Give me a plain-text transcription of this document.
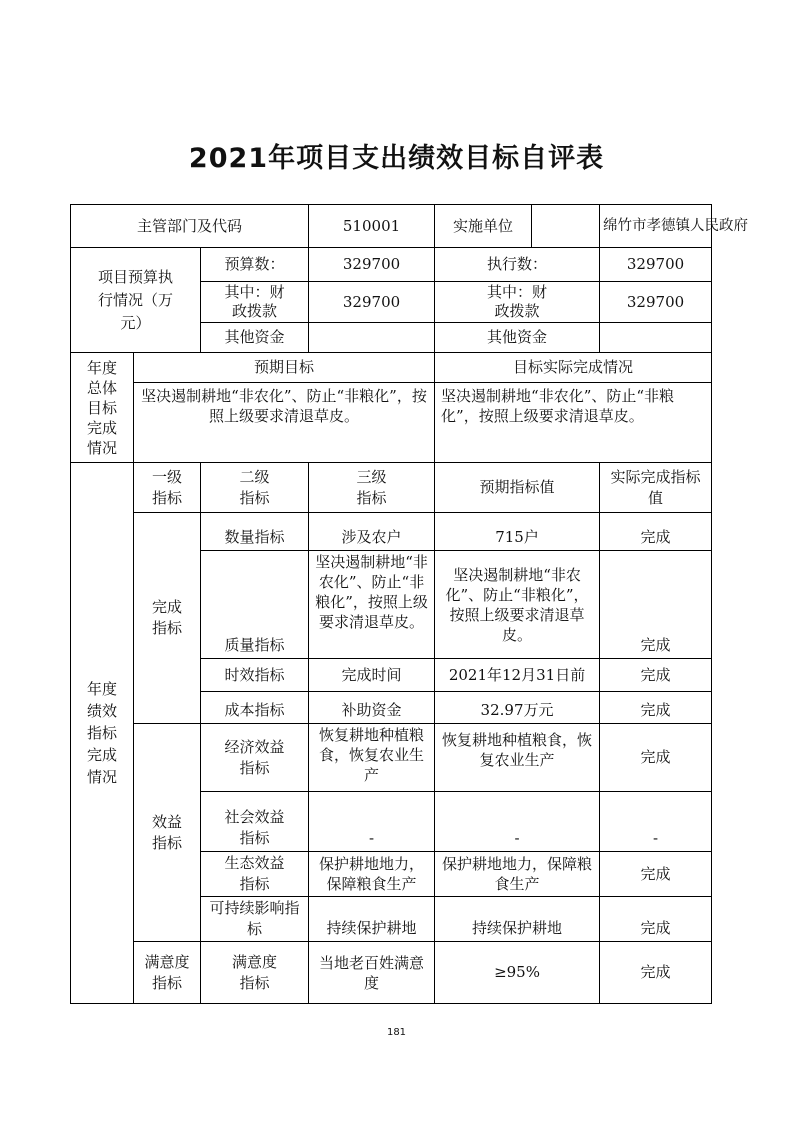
2021年项目支出绩效目标自评表
主管部门及代码			510001	实施单位	绵竹市孝德镇人民政府

项目预算执行情况（万元）		预算数：	329700	执行数：	329700

		其中：财政拨款	329700	其中：财政拨款	329700
		其他资金		其他资金	

年度总体目标完成情况	预期目标			目标实际完成情况	
	坚决遏制耕地“非农化”、防止“非粮化”，按照上级要求清退草皮。			坚决遏制耕地“非农化”、防止“非粮化”，按照上级要求清退草皮。	

年度绩效指标完成情况	一级指标	二级指标	三级指标	预期指标值	实际完成指标值

	完成指标	数量指标	涉及农户	715户	完成
		质量指标	坚决遏制耕地“非农化”、防止“非粮化”，按照上级要求清退草皮。	坚决遏制耕地“非农化”、防止“非粮化”，按照上级要求清退草皮。	完成
		时效指标	完成时间	2021年12月31日前	完成
		成本指标	补助资金	32.97万元	完成

	效益指标	经济效益指标	恢复耕地种植粮食，恢复农业生产	恢复耕地种植粮食，恢复农业生产	完成

		社会效益指标	-	-	-

		生态效益指标	保护耕地地力，保障粮食生产	保护耕地地力，保障粮食生产	完成

		可持续影响指标	持续保护耕地	持续保护耕地	完成

	满意度指标	满意度指标	当地老百姓满意度	≥95%	完成
181
